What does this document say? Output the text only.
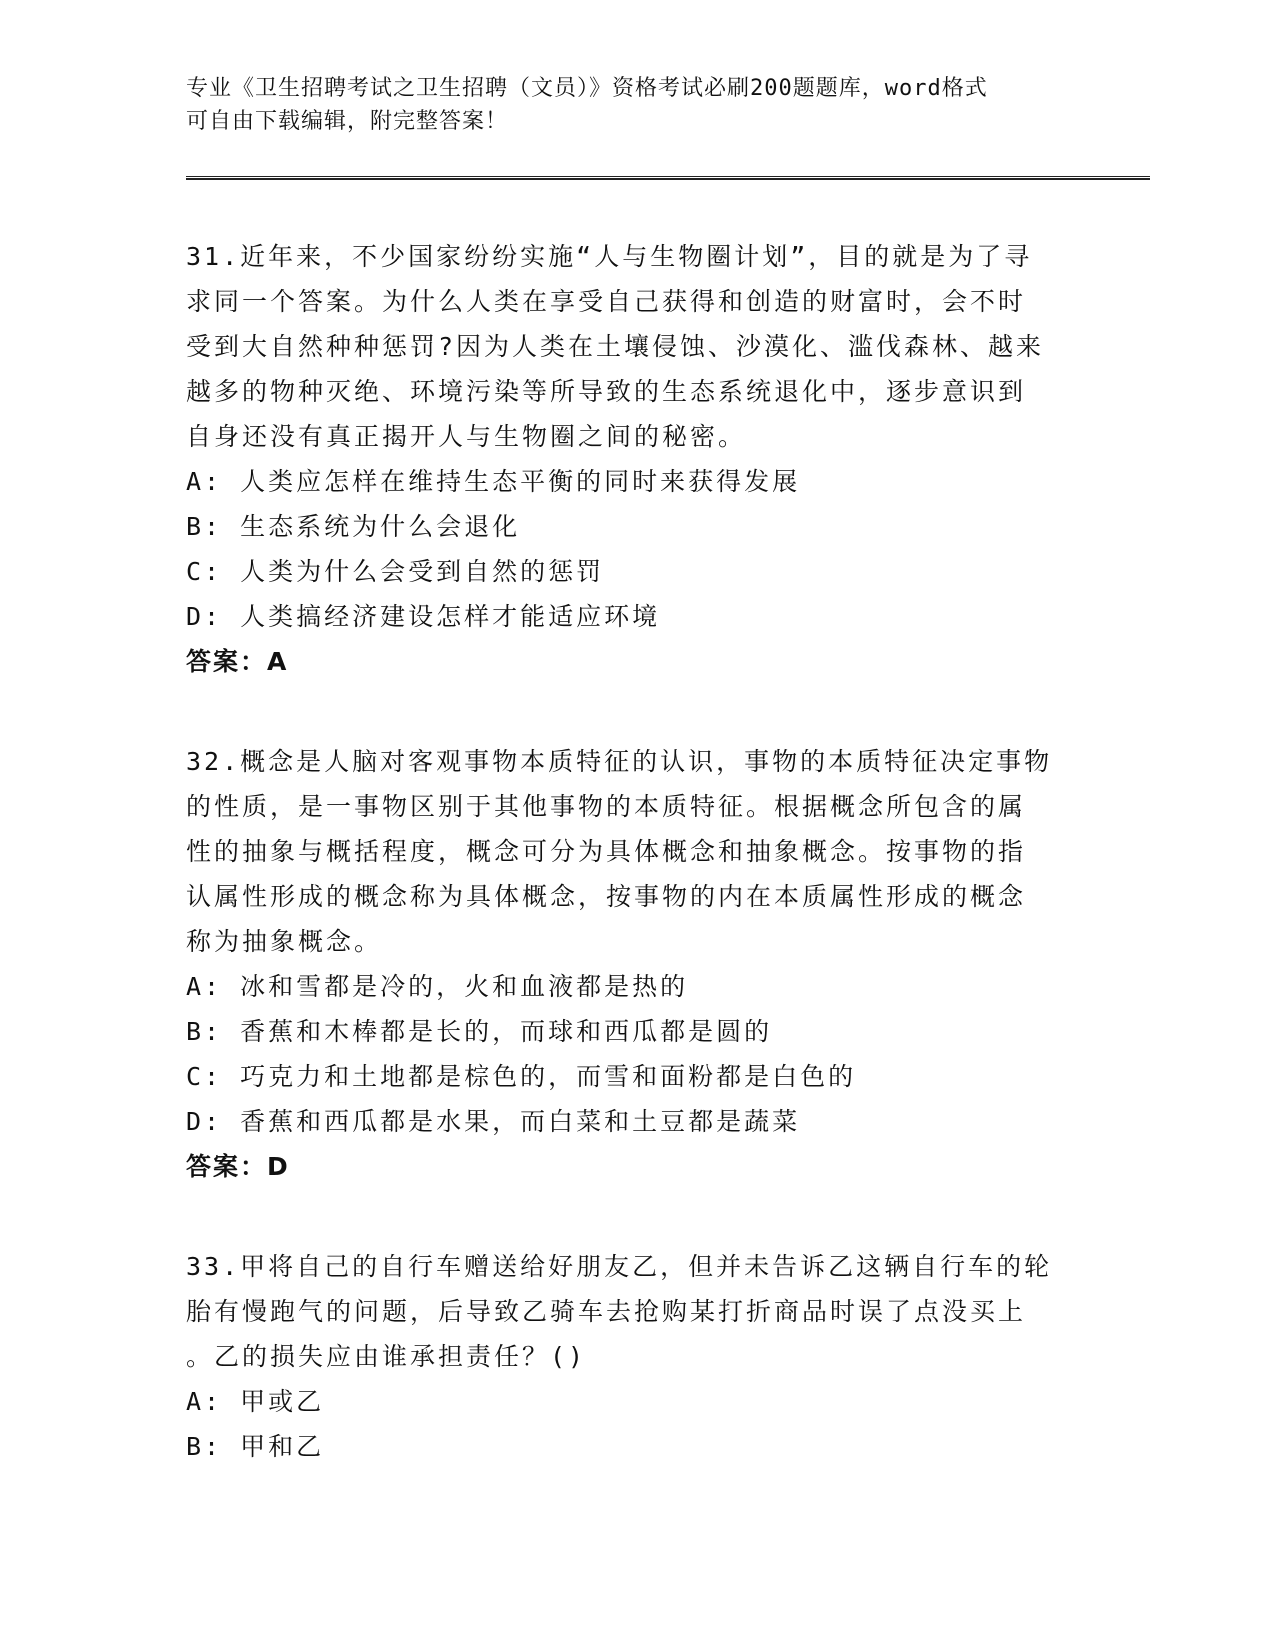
专业《卫生招聘考试之卫生招聘（文员）》资格考试必刷200题题库，word格式

可自由下载编辑，附完整答案！

31.近年来，不少国家纷纷实施“人与生物圈计划”，目的就是为了寻

求同一个答案。为什么人类在享受自己获得和创造的财富时，会不时

受到大自然种种惩罚?因为人类在土壤侵蚀、沙漠化、滥伐森林、越来

越多的物种灭绝、环境污染等所导致的生态系统退化中，逐步意识到

自身还没有真正揭开人与生物圈之间的秘密。

A: 人类应怎样在维持生态平衡的同时来获得发展

B: 生态系统为什么会退化

C: 人类为什么会受到自然的惩罚

D: 人类搞经济建设怎样才能适应环境

答案：A

32.概念是人脑对客观事物本质特征的认识，事物的本质特征决定事物

的性质，是一事物区别于其他事物的本质特征。根据概念所包含的属

性的抽象与概括程度，概念可分为具体概念和抽象概念。按事物的指

认属性形成的概念称为具体概念，按事物的内在本质属性形成的概念

称为抽象概念。

A: 冰和雪都是冷的，火和血液都是热的

B: 香蕉和木棒都是长的，而球和西瓜都是圆的

C: 巧克力和土地都是棕色的，而雪和面粉都是白色的

D: 香蕉和西瓜都是水果，而白菜和土豆都是蔬菜

答案：D

33.甲将自己的自行车赠送给好朋友乙，但并未告诉乙这辆自行车的轮

胎有慢跑气的问题，后导致乙骑车去抢购某打折商品时误了点没买上

。乙的损失应由谁承担责任？()

A: 甲或乙

B: 甲和乙
